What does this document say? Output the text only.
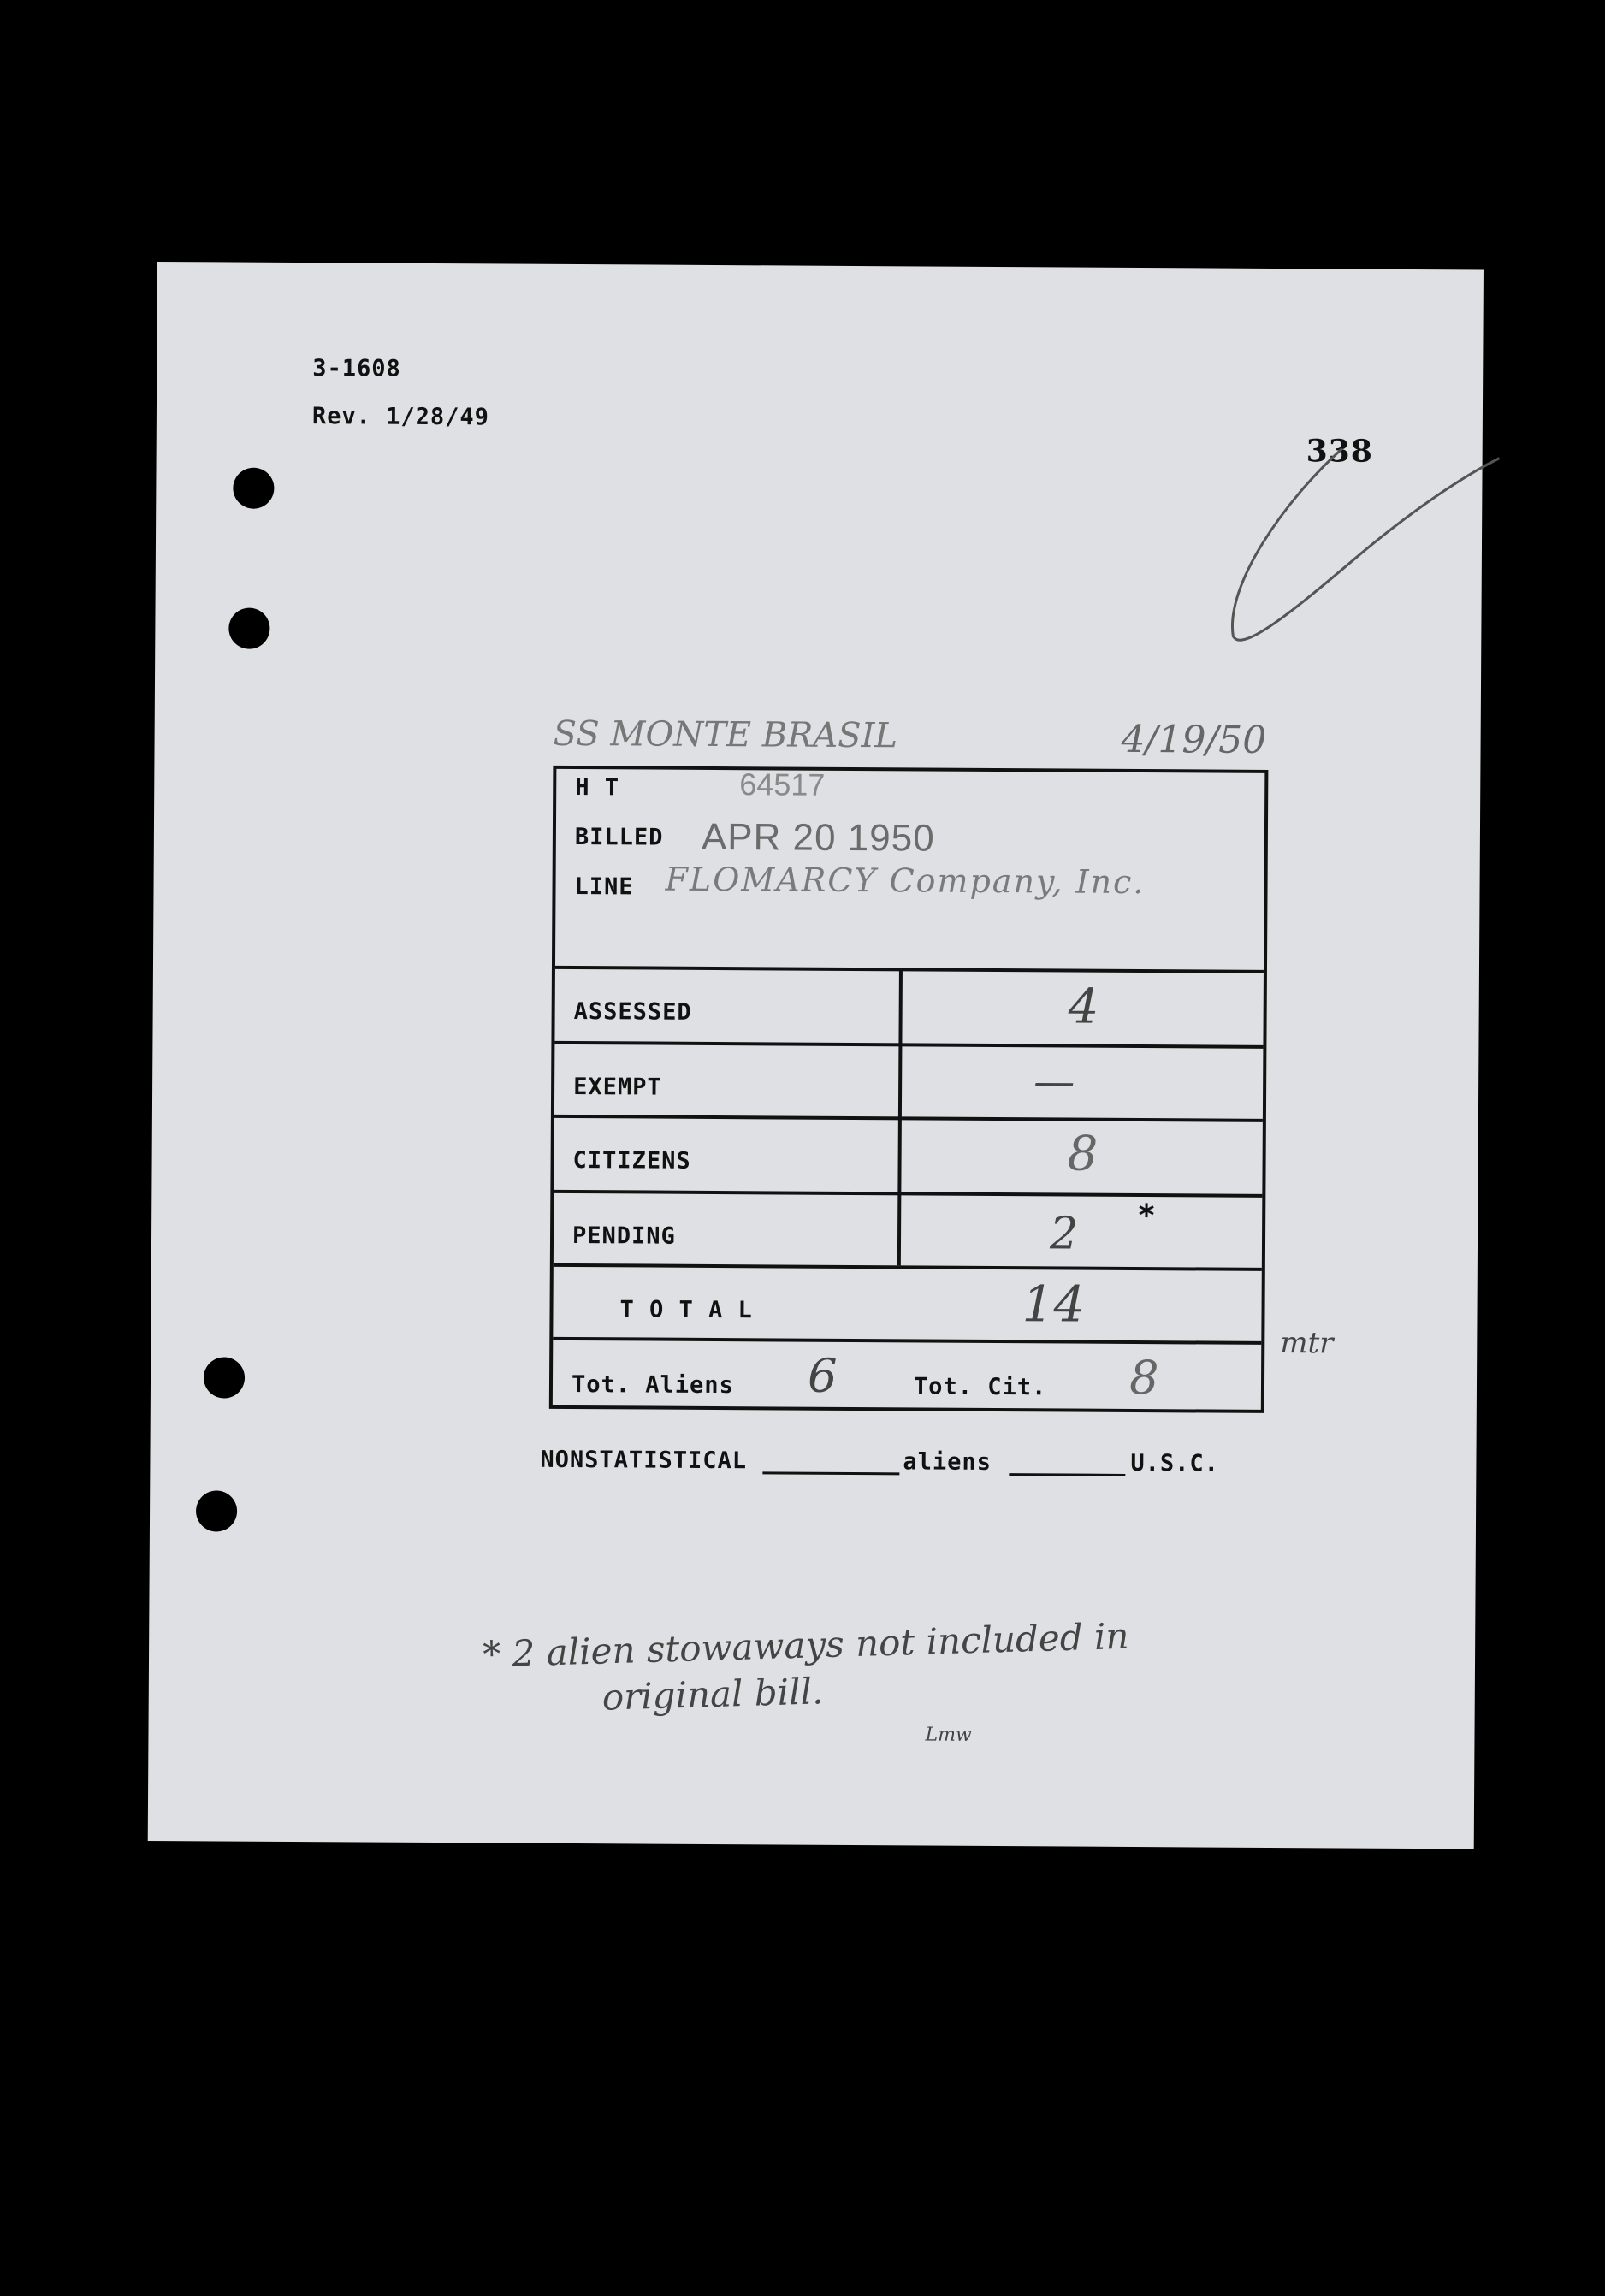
3-1608
Rev. 1/28/49
338
SS MONTE BRASIL	4/19/50
H T	64517
BILLED APR 20 1950
LINE FLOMARCY Company, Inc.
ASSESSED	4
EXEMPT	—
CITIZENS	8
PENDING	2 *
T O T A L	14
Tot. Aliens 6	Tot. Cit. 8
mtr
NONSTATISTICAL	aliens	U.S.C.
* 2 alien stowaways not included in
original bill.
Lmw
